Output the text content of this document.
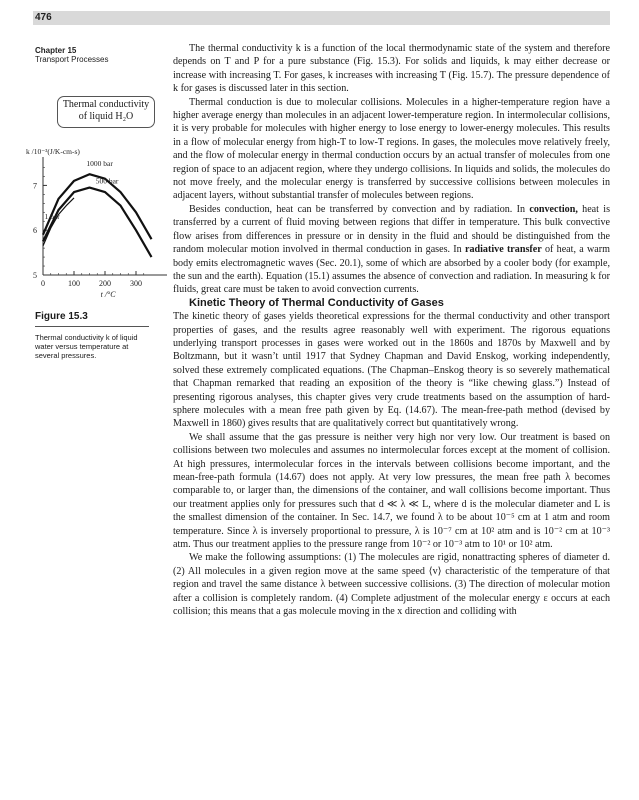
476
Chapter 15
Transport Processes
Thermal conductivity
of liquid H₂O
k /10⁻³(J/K-cm-s)
5
6
7
0	100 200 300
t /°C
1000 bar
500 bar
1 bar
Figure 15.3
Thermal conductivity k of liquid water versus temperature at several pressures.

The thermal conductivity k is a function of the local thermodynamic state of the system and therefore depends on T and P for a pure substance (Fig. 15.3). For solids and liquids, k may either decrease or increase with increasing T. For gases, k increases with increasing T (Fig. 15.7). The pressure dependence of k for gases is discussed later in this section.

Thermal conduction is due to molecular collisions. Molecules in a higher-temperature region have a higher average energy than molecules in an adjacent lower-temperature region. In intermolecular collisions, it is very probable for molecules with higher energy to lose energy to lower-energy molecules. This results in a flow of molecular energy from high-T to low-T regions. In gases, the molecules move relatively freely, and the flow of molecular energy in thermal conduction occurs by an actual transfer of molecules from one region of space to an adjacent region, where they undergo collisions. In liquids and solids, the molecules do not move freely, and the molecular energy is transferred by successive collisions between molecules in adjacent layers, without substantial transfer of molecules between regions.

Besides conduction, heat can be transferred by convection and by radiation. In convection, heat is transferred by a current of fluid moving between regions that differ in temperature. This bulk convective flow arises from differences in pressure or in density in the fluid and should be distinguished from the random molecular motion involved in thermal conduction in gases. In radiative transfer of heat, a warm body emits electromagnetic waves (Sec. 20.1), some of which are absorbed by a cooler body (for example, the sun and the earth). Equation (15.1) assumes the absence of convection and radiation. In measuring k for fluids, great care must be taken to avoid convection currents.

Kinetic Theory of Thermal Conductivity of Gases

The kinetic theory of gases yields theoretical expressions for the thermal conductivity and other transport properties of gases, and the results agree reasonably well with experiment. The rigorous equations underlying transport processes in gases were worked out in the 1860s and 1870s by Maxwell and by Boltzmann, but it wasn’t until 1917 that Sydney Chapman and David Enskog, working independently, solved these extremely complicated equations. (The Chapman–Enskog theory is so severely mathematical that Chapman remarked that reading an exposition of the theory is “like chewing glass.”) Instead of presenting rigorous analyses, this chapter gives very crude treatments based on the assumption of hard-sphere molecules with a mean free path given by Eq. (14.67). The mean-free-path method (devised by Maxwell in 1860) gives results that are qualitatively correct but quantitatively wrong.

We shall assume that the gas pressure is neither very high nor very low. Our treatment is based on collisions between two molecules and assumes no intermolecular forces except at the moment of collision. At high pressures, intermolecular forces in the intervals between collisions become important, and the mean-free-path formula (14.67) does not apply. At very low pressures, the mean free path λ becomes comparable to, or larger than, the dimensions of the container, and wall collisions become important. Thus our treatment applies only for pressures such that d ≪ λ ≪ L, where d is the molecular diameter and L is the smallest dimension of the container. In Sec. 14.7, we found λ to be about 10⁻⁵ cm at 1 atm and room temperature. Since λ is inversely proportional to pressure, λ is 10⁻⁷ cm at 10² atm and is 10⁻² cm at 10⁻³ atm. Thus our treatment applies to the pressure range from 10⁻² or 10⁻³ atm to 10¹ or 10² atm.

We make the following assumptions: (1) The molecules are rigid, nonattracting spheres of diameter d. (2) All molecules in a given region move at the same speed ⟨v⟩ characteristic of the temperature of that region and travel the same distance λ between successive collisions. (3) The direction of molecular motion after a collision is completely random. (4) Complete adjustment of the molecular energy ε occurs at each collision; this means that a gas molecule moving in the x direction and colliding with
